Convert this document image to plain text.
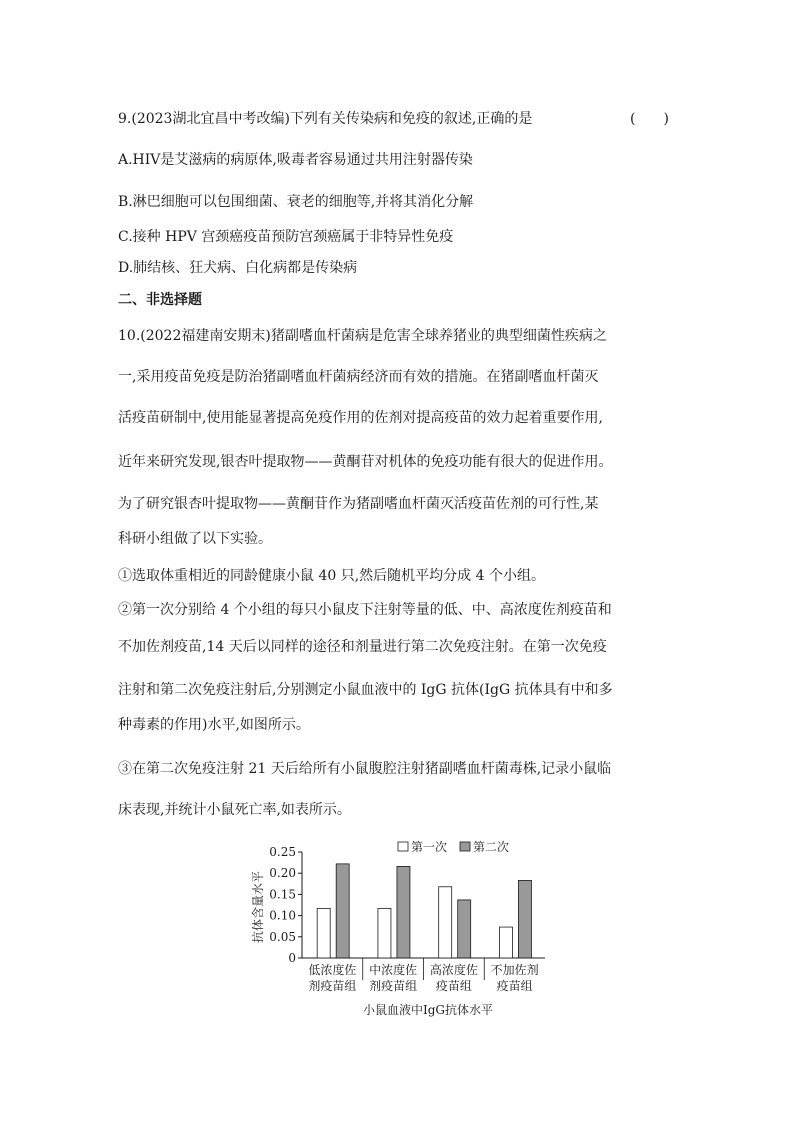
9.(2023湖北宜昌中考改编)下列有关传染病和免疫的叙述,正确的是	(　　)
A.HIV是艾滋病的病原体,吸毒者容易通过共用注射器传染
B.淋巴细胞可以包围细菌、衰老的细胞等,并将其消化分解
C.接种 HPV 宫颈癌疫苗预防宫颈癌属于非特异性免疫
D.肺结核、狂犬病、白化病都是传染病
二、非选择题
10.(2022福建南安期末)猪副嗜血杆菌病是危害全球养猪业的典型细菌性疾病之
一,采用疫苗免疫是防治猪副嗜血杆菌病经济而有效的措施。在猪副嗜血杆菌灭
活疫苗研制中,使用能显著提高免疫作用的佐剂对提高疫苗的效力起着重要作用,
近年来研究发现,银杏叶提取物——黄酮苷对机体的免疫功能有很大的促进作用。
为了研究银杏叶提取物——黄酮苷作为猪副嗜血杆菌灭活疫苗佐剂的可行性,某
科研小组做了以下实验。
①选取体重相近的同龄健康小鼠 40 只,然后随机平均分成 4 个小组。
②第一次分别给 4 个小组的每只小鼠皮下注射等量的低、中、高浓度佐剂疫苗和
不加佐剂疫苗,14 天后以同样的途径和剂量进行第二次免疫注射。在第一次免疫
注射和第二次免疫注射后,分别测定小鼠血液中的 IgG 抗体(IgG 抗体具有中和多
种毒素的作用)水平,如图所示。
③在第二次免疫注射 21 天后给所有小鼠腹腔注射猪副嗜血杆菌毒株,记录小鼠临
床表现,并统计小鼠死亡率,如表所示。
抗体含量水平
0.25
0.20
0.15
0.10
0.05
0
低浓度佐
剂疫苗组
中浓度佐
剂疫苗组
高浓度佐
疫苗组
不加佐剂
疫苗组
第一次 第二次
小鼠血液中IgG抗体水平
